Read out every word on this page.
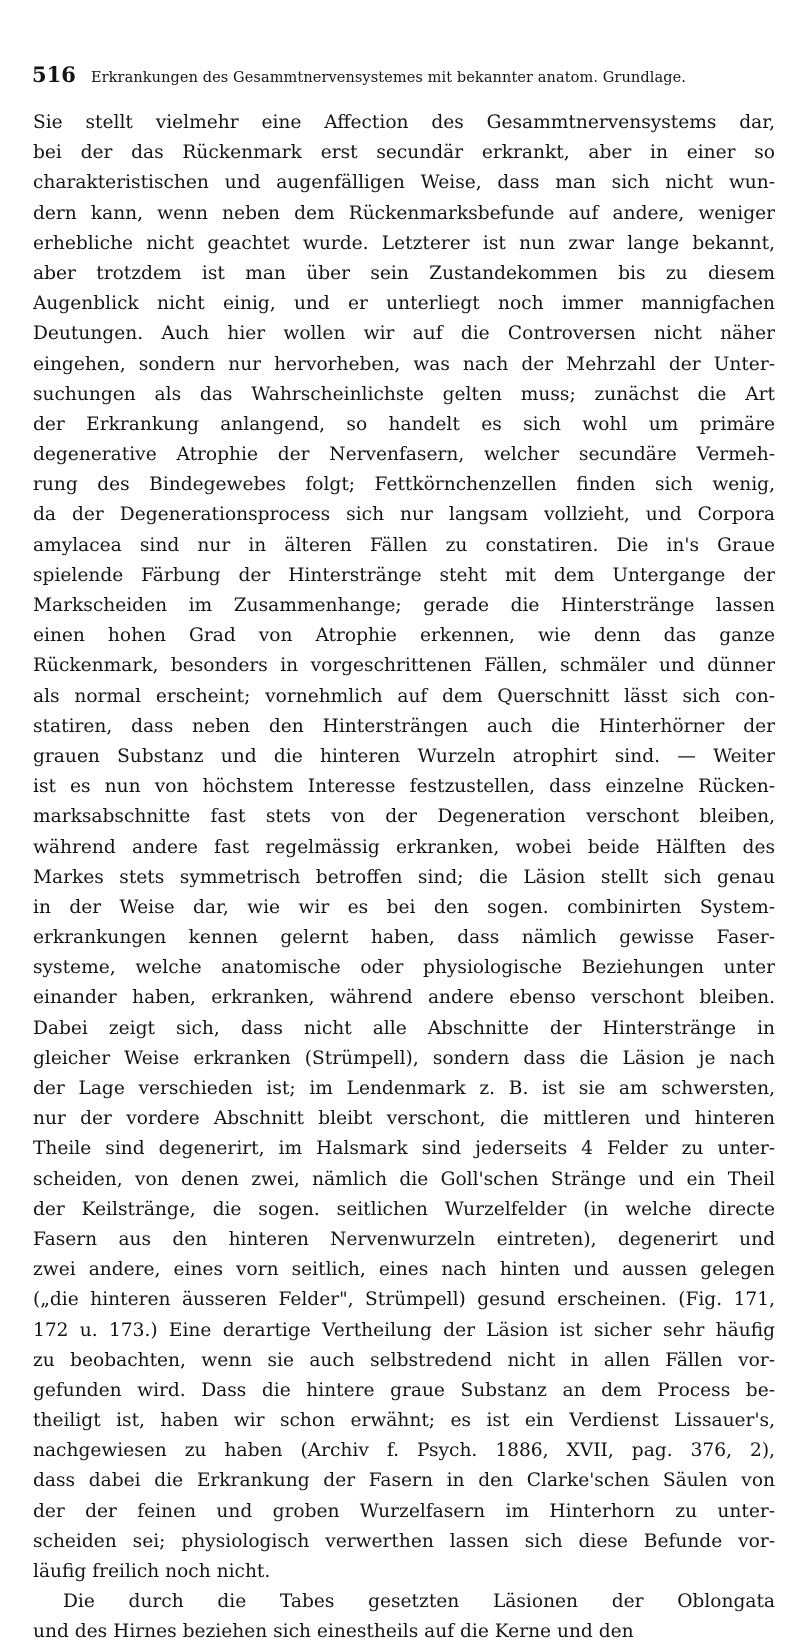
516 Erkrankungen des Gesammtnervensystemes mit bekannter anatom. Grundlage.
Sie stellt vielmehr eine Affection des Gesammtnervensystems dar,
bei der das Rückenmark erst secundär erkrankt, aber in einer so
charakteristischen und augenfälligen Weise, dass man sich nicht wun-
dern kann, wenn neben dem Rückenmarksbefunde auf andere, weniger
erhebliche nicht geachtet wurde. Letzterer ist nun zwar lange bekannt,
aber trotzdem ist man über sein Zustandekommen bis zu diesem
Augenblick nicht einig, und er unterliegt noch immer mannigfachen
Deutungen. Auch hier wollen wir auf die Controversen nicht näher
eingehen, sondern nur hervorheben, was nach der Mehrzahl der Unter-
suchungen als das Wahrscheinlichste gelten muss; zunächst die Art
der Erkrankung anlangend, so handelt es sich wohl um primäre
degenerative Atrophie der Nervenfasern, welcher secundäre Vermeh-
rung des Bindegewebes folgt; Fettkörnchenzellen finden sich wenig,
da der Degenerationsprocess sich nur langsam vollzieht, und Corpora
amylacea sind nur in älteren Fällen zu constatiren. Die in's Graue
spielende Färbung der Hinterstränge steht mit dem Untergange der
Markscheiden im Zusammenhange; gerade die Hinterstränge lassen
einen hohen Grad von Atrophie erkennen, wie denn das ganze
Rückenmark, besonders in vorgeschrittenen Fällen, schmäler und dünner
als normal erscheint; vornehmlich auf dem Querschnitt lässt sich con-
statiren, dass neben den Hintersträngen auch die Hinterhörner der
grauen Substanz und die hinteren Wurzeln atrophirt sind. — Weiter
ist es nun von höchstem Interesse festzustellen, dass einzelne Rücken-
marksabschnitte fast stets von der Degeneration verschont bleiben,
während andere fast regelmässig erkranken, wobei beide Hälften des
Markes stets symmetrisch betroffen sind; die Läsion stellt sich genau
in der Weise dar, wie wir es bei den sogen. combinirten System-
erkrankungen kennen gelernt haben, dass nämlich gewisse Faser-
systeme, welche anatomische oder physiologische Beziehungen unter
einander haben, erkranken, während andere ebenso verschont bleiben.
Dabei zeigt sich, dass nicht alle Abschnitte der Hinterstränge in
gleicher Weise erkranken (Strümpell), sondern dass die Läsion je nach
der Lage verschieden ist; im Lendenmark z. B. ist sie am schwersten,
nur der vordere Abschnitt bleibt verschont, die mittleren und hinteren
Theile sind degenerirt, im Halsmark sind jederseits 4 Felder zu unter-
scheiden, von denen zwei, nämlich die Goll'schen Stränge und ein Theil
der Keilstränge, die sogen. seitlichen Wurzelfelder (in welche directe
Fasern aus den hinteren Nervenwurzeln eintreten), degenerirt und
zwei andere, eines vorn seitlich, eines nach hinten und aussen gelegen
(„die hinteren äusseren Felder", Strümpell) gesund erscheinen. (Fig. 171,
172 u. 173.) Eine derartige Vertheilung der Läsion ist sicher sehr häufig
zu beobachten, wenn sie auch selbstredend nicht in allen Fällen vor-
gefunden wird. Dass die hintere graue Substanz an dem Process be-
theiligt ist, haben wir schon erwähnt; es ist ein Verdienst Lissauer's,
nachgewiesen zu haben (Archiv f. Psych. 1886, XVII, pag. 376, 2),
dass dabei die Erkrankung der Fasern in den Clarke'schen Säulen von
der der feinen und groben Wurzelfasern im Hinterhorn zu unter-
scheiden sei; physiologisch verwerthen lassen sich diese Befunde vor-
läufig freilich noch nicht.
Die durch die Tabes gesetzten Läsionen der Oblongata
und des Hirnes beziehen sich einestheils auf die Kerne und den
